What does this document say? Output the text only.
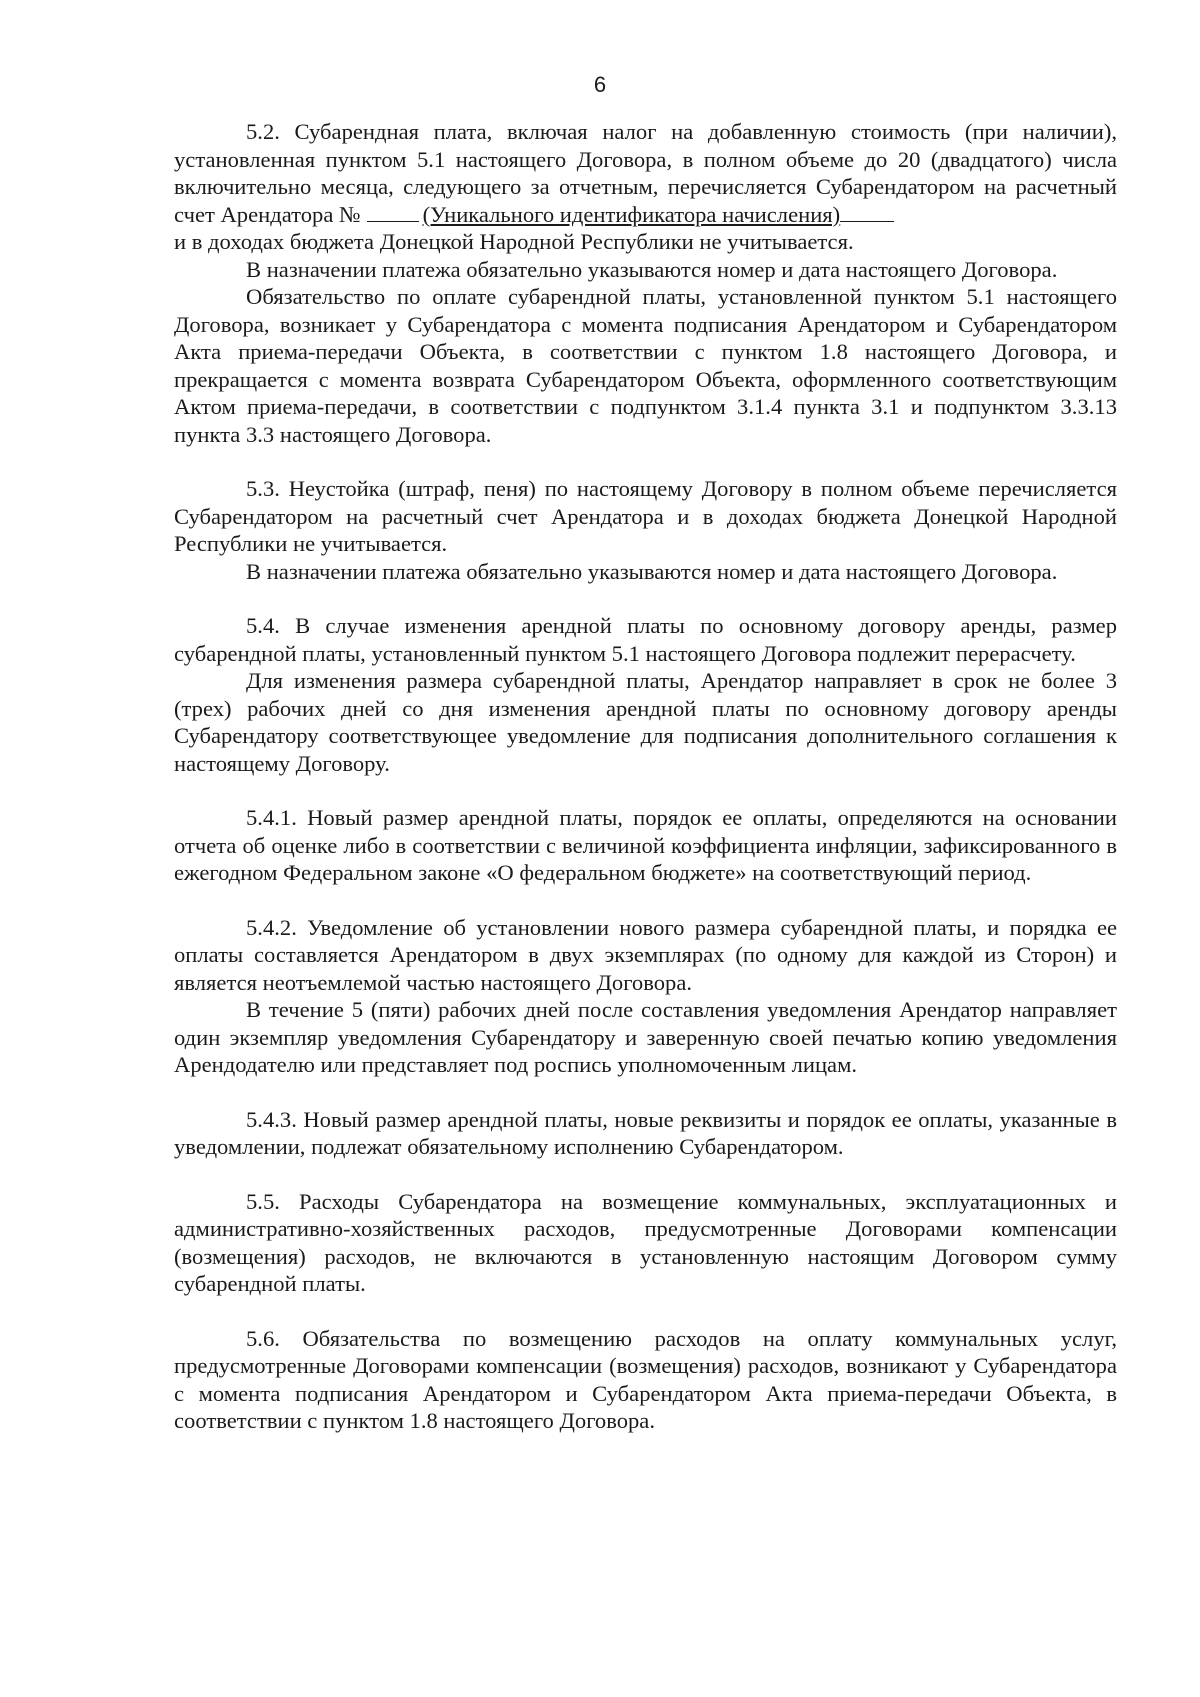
6

5.2. Субарендная плата, включая налог на добавленную стоимость (при наличии), установленная пунктом 5.1 настоящего Договора, в полном объеме до 20 (двадцатого) числа включительно месяца, следующего за отчетным, перечисляется Субарендатором на расчетный счет Арендатора №	(Уникального идентификатора начисления)

и в доходах бюджета Донецкой Народной Республики не учитывается.

В назначении платежа обязательно указываются номер и дата настоящего Договора.

Обязательство по оплате субарендной платы, установленной пунктом 5.1 настоящего Договора, возникает у Субарендатора с момента подписания Арендатором и Субарендатором Акта приема-передачи Объекта, в соответствии с пунктом 1.8 настоящего Договора, и прекращается с момента возврата Субарендатором Объекта, оформленного соответствующим Актом приема-передачи, в соответствии с подпунктом 3.1.4 пункта 3.1 и подпунктом 3.3.13 пункта 3.3 настоящего Договора.

5.3. Неустойка (штраф, пеня) по настоящему Договору в полном объеме перечисляется Субарендатором на расчетный счет Арендатора и в доходах бюджета Донецкой Народной Республики не учитывается.

В назначении платежа обязательно указываются номер и дата настоящего Договора.

5.4. В случае изменения арендной платы по основному договору аренды, размер субарендной платы, установленный пунктом 5.1 настоящего Договора подлежит перерасчету.

Для изменения размера субарендной платы, Арендатор направляет в срок не более 3 (трех) рабочих дней со дня изменения арендной платы по основному договору аренды Субарендатору соответствующее уведомление для подписания дополнительного соглашения к настоящему Договору.

5.4.1. Новый размер арендной платы, порядок ее оплаты, определяются на основании отчета об оценке либо в соответствии с величиной коэффициента инфляции, зафиксированного в ежегодном Федеральном законе «О федеральном бюджете» на соответствующий период.

5.4.2. Уведомление об установлении нового размера субарендной платы, и порядка ее оплаты составляется Арендатором в двух экземплярах (по одному для каждой из Сторон) и является неотъемлемой частью настоящего Договора.

В течение 5 (пяти) рабочих дней после составления уведомления Арендатор направляет один экземпляр уведомления Субарендатору и заверенную своей печатью копию уведомления Арендодателю или представляет под роспись уполномоченным лицам.

5.4.3. Новый размер арендной платы, новые реквизиты и порядок ее оплаты, указанные в уведомлении, подлежат обязательному исполнению Субарендатором.

5.5. Расходы Субарендатора на возмещение коммунальных, эксплуатационных и административно-хозяйственных расходов, предусмотренные Договорами компенсации (возмещения) расходов, не включаются в установленную настоящим Договором сумму субарендной платы.

5.6. Обязательства по возмещению расходов на оплату коммунальных услуг, предусмотренные Договорами компенсации (возмещения) расходов, возникают у Субарендатора с момента подписания Арендатором и Субарендатором Акта приема-передачи Объекта, в соответствии с пунктом 1.8 настоящего Договора.
